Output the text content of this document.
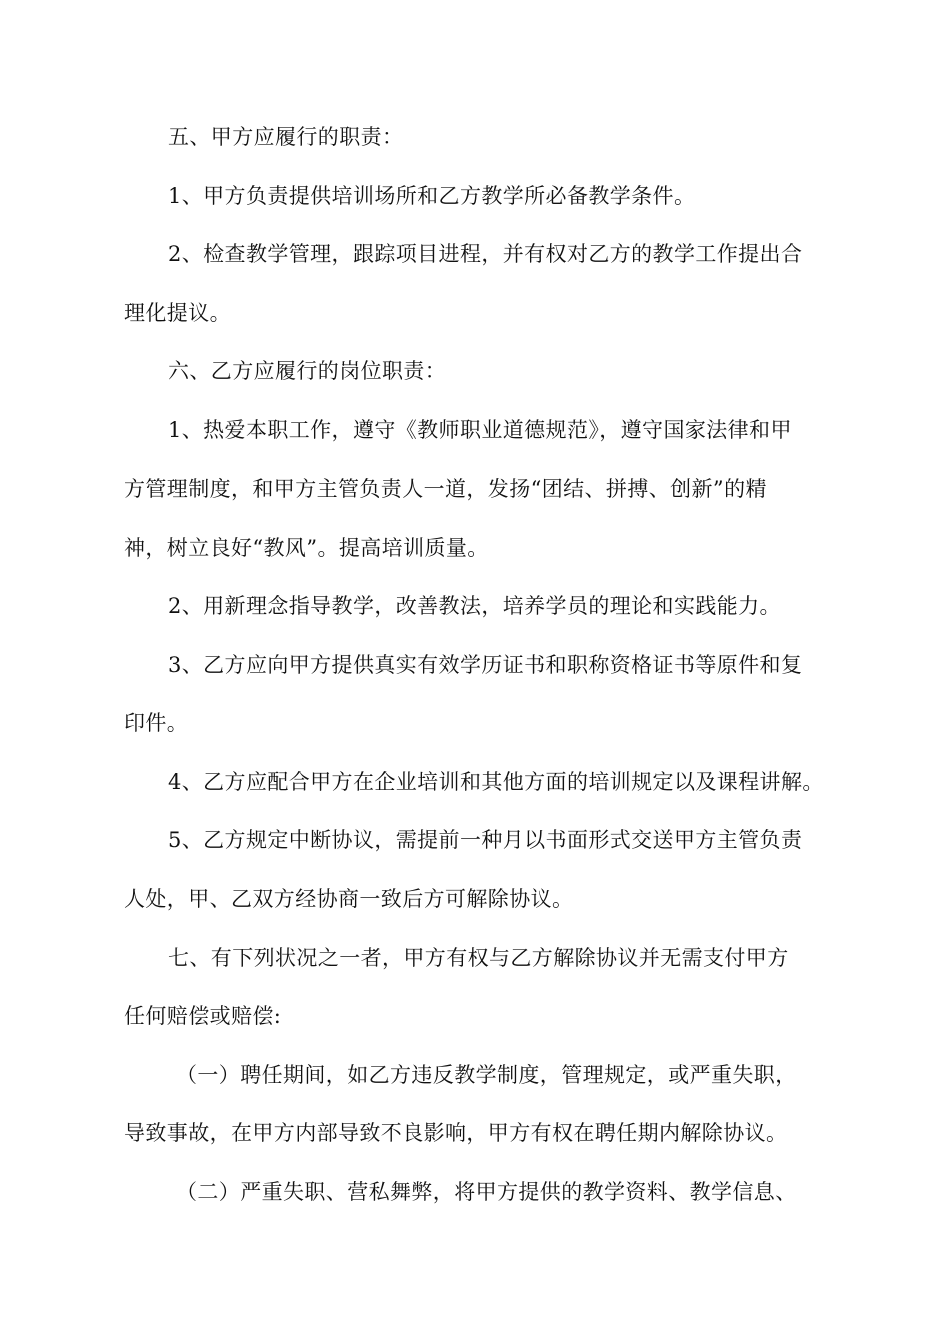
五、甲方应履行的职责：
1、甲方负责提供培训场所和乙方教学所必备教学条件。
2、检查教学管理，跟踪项目进程，并有权对乙方的教学工作提出合
理化提议。
六、乙方应履行的岗位职责：
1、热爱本职工作，遵守《教师职业道德规范》，遵守国家法律和甲
方管理制度，和甲方主管负责人一道，发扬“团结、拼搏、创新”的精
神，树立良好“教风”。提高培训质量。
2、用新理念指导教学，改善教法，培养学员的理论和实践能力。
3、乙方应向甲方提供真实有效学历证书和职称资格证书等原件和复
印件。
4、乙方应配合甲方在企业培训和其他方面的培训规定以及课程讲解。
5、乙方规定中断协议，需提前一种月以书面形式交送甲方主管负责
人处，甲、乙双方经协商一致后方可解除协议。
七、有下列状况之一者，甲方有权与乙方解除协议并无需支付甲方
任何赔偿或赔偿:
（一）聘任期间，如乙方违反教学制度，管理规定，或严重失职，
导致事故，在甲方内部导致不良影响，甲方有权在聘任期内解除协议。
（二）严重失职、营私舞弊，将甲方提供的教学资料、教学信息、
